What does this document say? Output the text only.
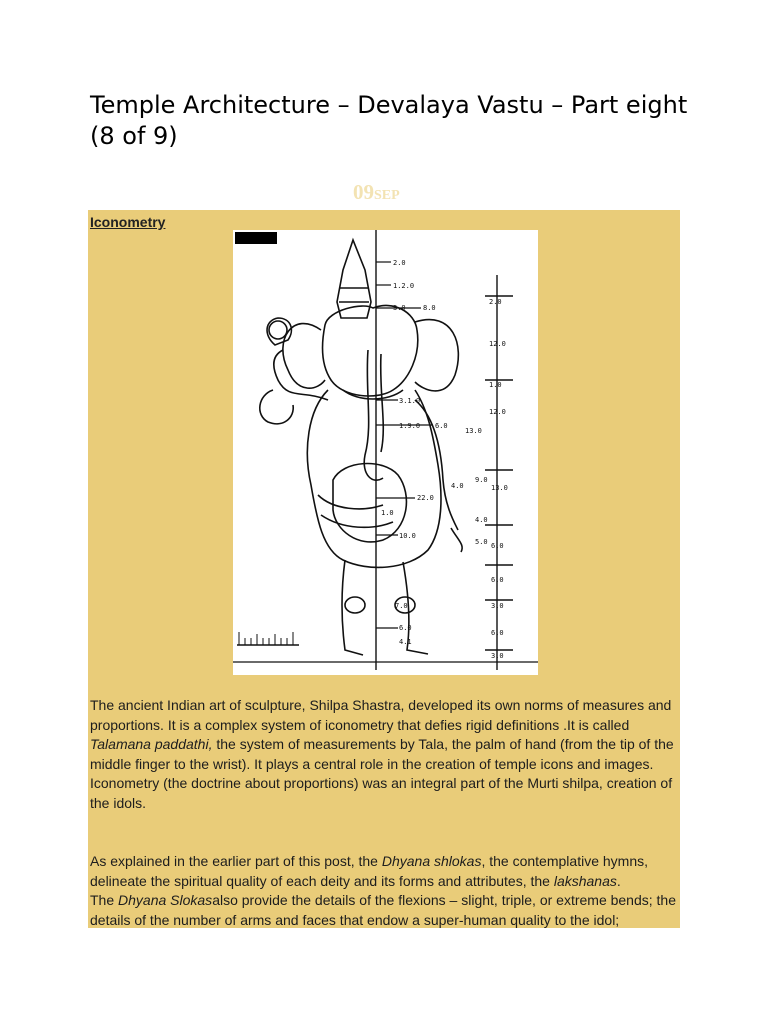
Temple Architecture – Devalaya Vastu – Part eight (8 of 9)
09SEP
Iconometry
2.0
1.2.0
8.0
3.0
3.1.0
1.9.0 6.0
13.0
22.0
1.0
4.0
10.0
7.0
6.0
4.1
2.0
12.0
1.0
12.0
9.0
13.0
4.0
5.0 6.0
6.0
3.0
6.0
3.0

The ancient Indian art of sculpture, Shilpa Shastra, developed its own norms of measures and proportions. It is a complex system of iconometry that defies rigid definitions .It is called Talamana paddathi, the system of measurements by Tala, the palm of hand (from the tip of the middle finger to the wrist). It plays a central role in the creation of temple icons and images.
Iconometry (the doctrine about proportions) was an integral part of the Murti shilpa, creation of the idols.

As explained in the earlier part of this post, the Dhyana shlokas, the contemplative hymns, delineate the spiritual quality of each deity and its forms and attributes, the lakshanas.
The Dhyana Slokasalso provide the details of the flexions – slight, triple, or extreme bends; the details of the number of arms and faces that endow a super-human quality to the idol;
